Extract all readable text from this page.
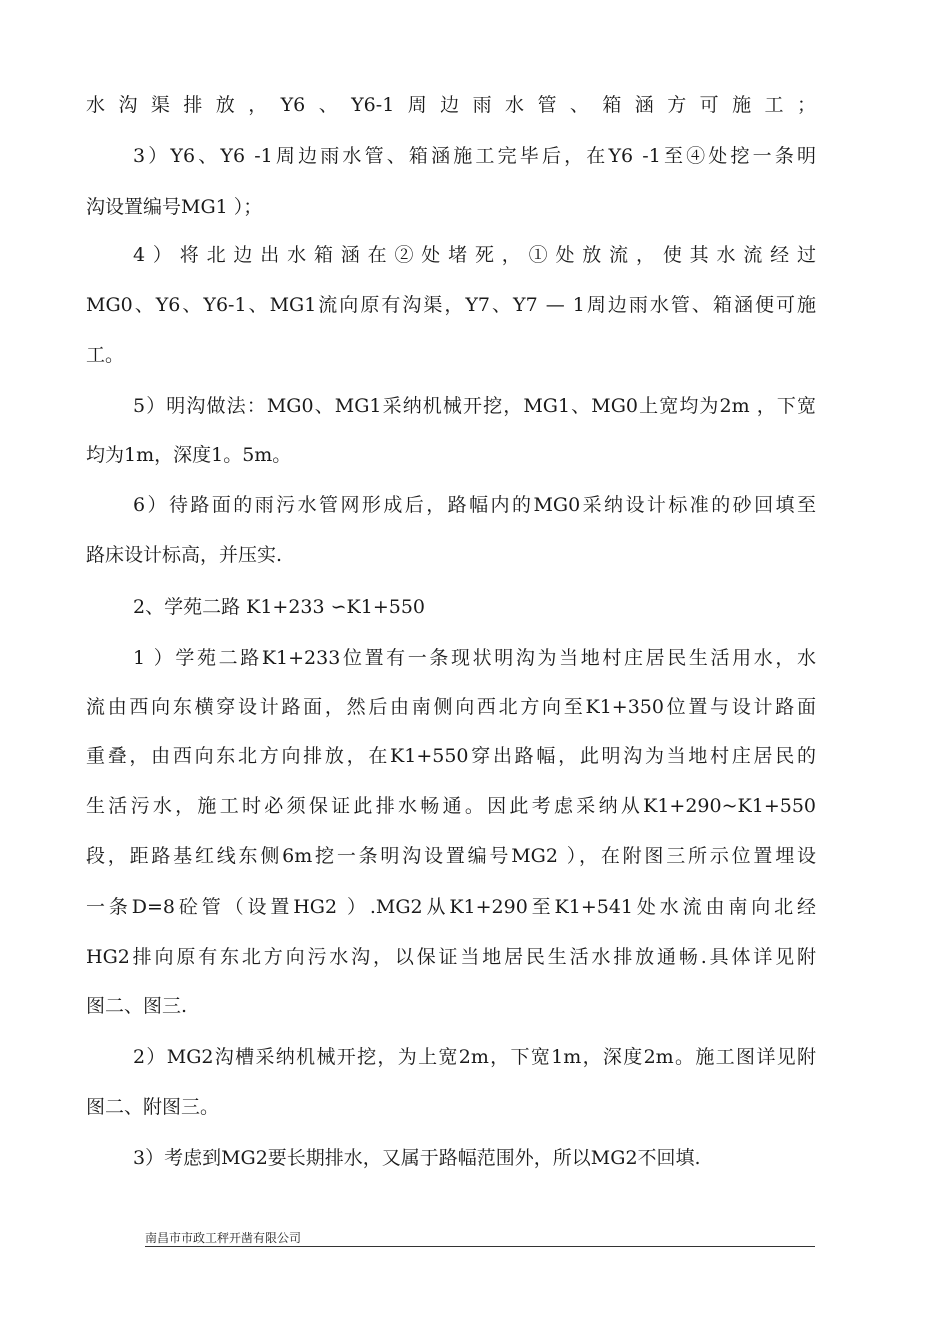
水沟渠排放，Y6、Y6-1周边雨水管、箱涵方可施工；
3）Y6、Y6 -1周边雨水管、箱涵施工完毕后，在Y6 -1至④处挖一条明
沟设置编号MG1 ）；
4）将北边出水箱涵在②处堵死，①处放流，使其水流经过
MG0、Y6、Y6-1、MG1流向原有沟渠，Y7、Y7 — 1周边雨水管、箱涵便可施
工。
5）明沟做法：MG0、MG1采纳机械开挖，MG1、MG0上宽均为2m ，下宽
均为1m，深度1。5m。
6）待路面的雨污水管网形成后，路幅内的MG0采纳设计标准的砂回填至
路床设计标高，并压实.
2、学苑二路 K1+233 ∽K1+550
1 ）学苑二路K1+233位置有一条现状明沟为当地村庄居民生活用水，水
流由西向东横穿设计路面，然后由南侧向西北方向至K1+350位置与设计路面
重叠，由西向东北方向排放，在K1+550穿出路幅，此明沟为当地村庄居民的
生活污水，施工时必须保证此排水畅通。因此考虑采纳从K1+290~K1+550
段，距路基红线东侧6m挖一条明沟设置编号MG2 ），在附图三所示位置埋设
一条D=8砼管（设置HG2 ）.MG2从K1+290至K1+541处水流由南向北经
HG2排向原有东北方向污水沟，以保证当地居民生活水排放通畅.具体详见附
图二、图三.
2）MG2沟槽采纳机械开挖，为上宽2m，下宽1m，深度2m。施工图详见附
图二、附图三。
3）考虑到MG2要长期排水，又属于路幅范围外，所以MG2不回填.
南昌市市政工秤开凿有限公司
